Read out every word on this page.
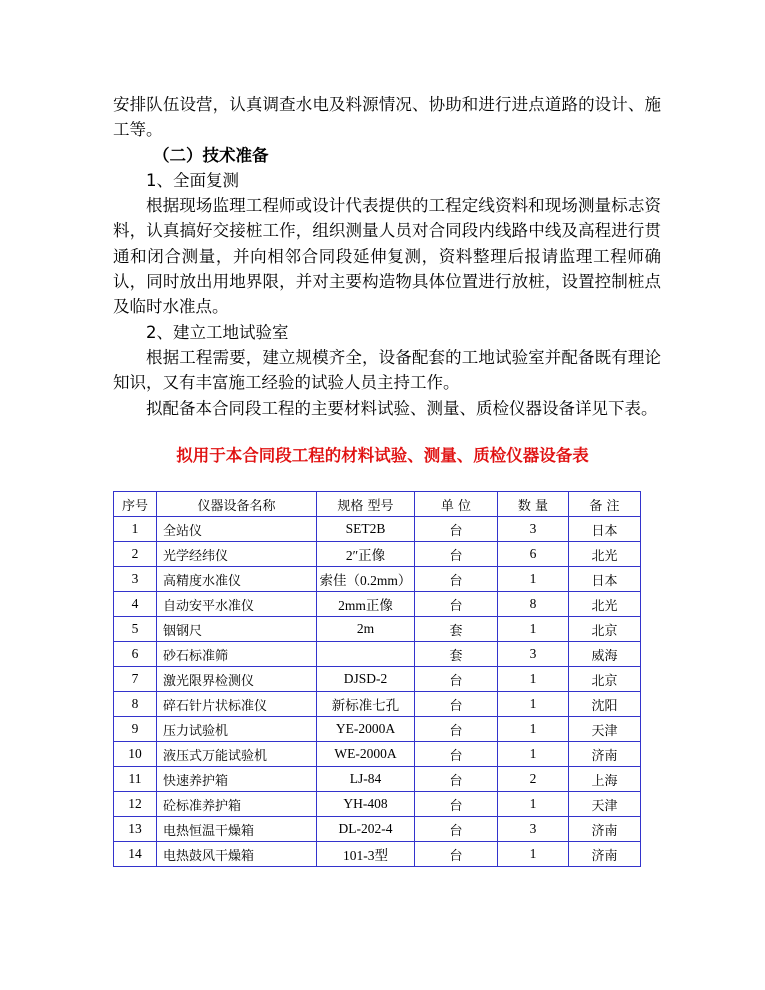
安排队伍设营，认真调查水电及料源情况、协助和进行进点道路的设计、施工等。

（二）技术准备

1、全面复测

根据现场监理工程师或设计代表提供的工程定线资料和现场测量标志资料，认真搞好交接桩工作，组织测量人员对合同段内线路中线及高程进行贯通和闭合测量，并向相邻合同段延伸复测，资料整理后报请监理工程师确认，同时放出用地界限，并对主要构造物具体位置进行放桩，设置控制桩点及临时水准点。

2、建立工地试验室

根据工程需要，建立规模齐全，设备配套的工地试验室并配备既有理论知识，又有丰富施工经验的试验人员主持工作。

拟配备本合同段工程的主要材料试验、测量、质检仪器设备详见下表。

拟用于本合同段工程的材料试验、测量、质检仪器设备表
序号	仪器设备名称	规格 型号	单 位	数 量	备 注
1	全站仪	SET2B	台	3	日本
2	光学经纬仪	2″正像	台	6	北光
3	高精度水准仪	索佳（0.2mm）	台	1	日本
4	自动安平水准仪	2mm正像	台	8	北光
5	铟钢尺	2m	套	1	北京
6	砂石标准筛		套	3	威海
7	激光限界检测仪	DJSD-2	台	1	北京
8	碎石针片状标准仪	新标准七孔	台	1	沈阳
9	压力试验机	YE-2000A	台	1	天津
10	液压式万能试验机	WE-2000A	台	1	济南
11	快速养护箱	LJ-84	台	2	上海
12	砼标准养护箱	YH-408	台	1	天津
13	电热恒温干燥箱	DL-202-4	台	3	济南
14	电热鼓风干燥箱	101-3型	台	1	济南
